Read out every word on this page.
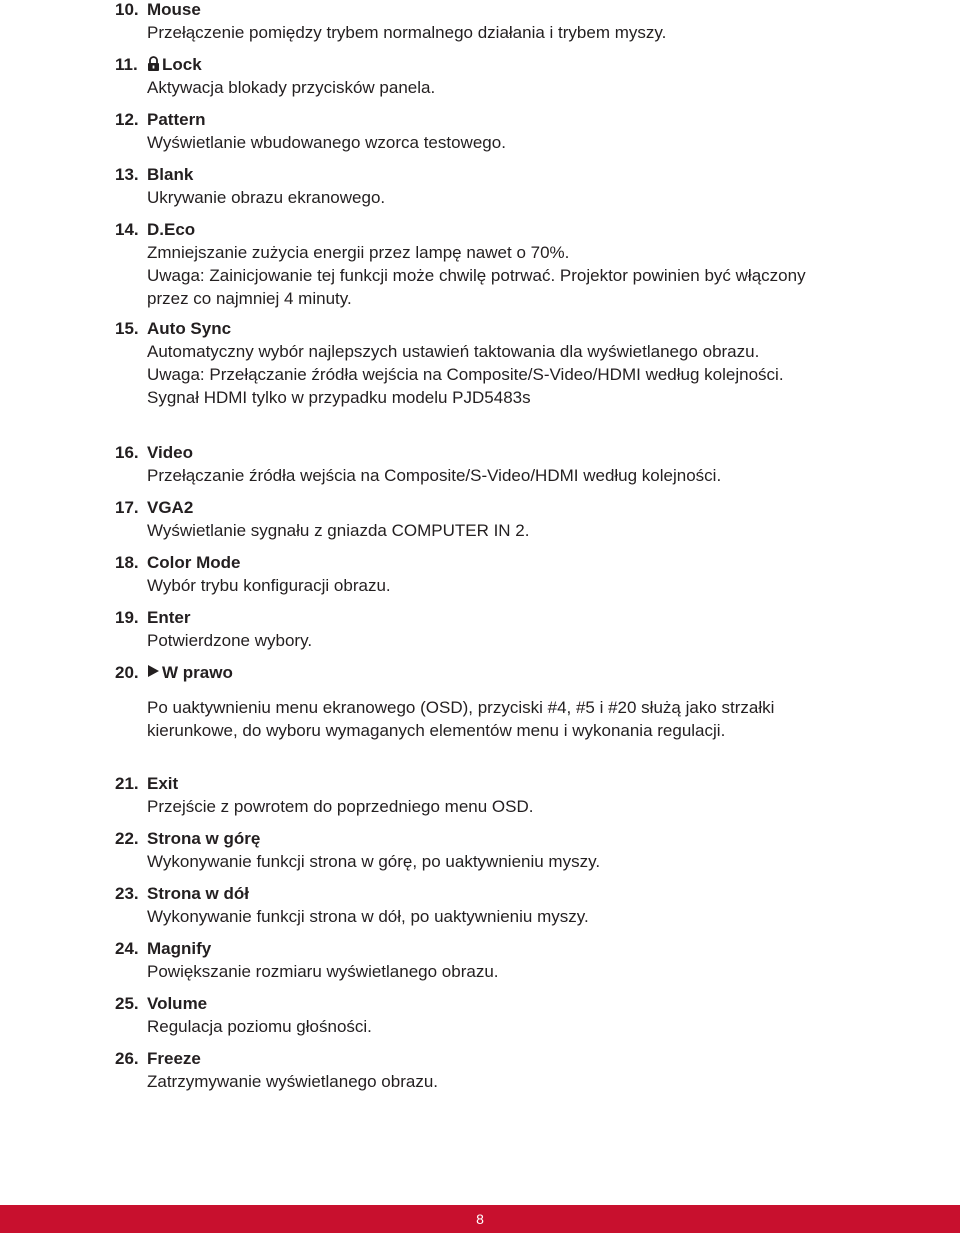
10. Mouse

Przełączenie pomiędzy trybem normalnego działania i trybem myszy.

11.	Lock

Aktywacja blokady przycisków panela.

12. Pattern

Wyświetlanie wbudowanego wzorca testowego.

13. Blank

Ukrywanie obrazu ekranowego.

14. D.Eco

Zmniejszanie zużycia energii przez lampę nawet o 70%.

Uwaga: Zainicjowanie tej funkcji może chwilę potrwać. Projektor powinien być włączony przez co najmniej 4 minuty.

15. Auto Sync

Automatyczny wybór najlepszych ustawień taktowania dla wyświetlanego obrazu.

Uwaga: Przełączanie źródła wejścia na Composite/S-Video/HDMI według kolejności.

Sygnał HDMI tylko w przypadku modelu PJD5483s

16. Video

Przełączanie źródła wejścia na Composite/S-Video/HDMI według kolejności.

17. VGA2

Wyświetlanie sygnału z gniazda COMPUTER IN 2.

18. Color Mode

Wybór trybu konfiguracji obrazu.

19. Enter

Potwierdzone wybory.

20.	W prawo

Po uaktywnieniu menu ekranowego (OSD), przyciski #4, #5 i #20 służą jako strzałki kierunkowe, do wyboru wymaganych elementów menu i wykonania regulacji.

21. Exit

Przejście z powrotem do poprzedniego menu OSD.

22. Strona w górę

Wykonywanie funkcji strona w górę, po uaktywnieniu myszy.

23. Strona w dół

Wykonywanie funkcji strona w dół, po uaktywnieniu myszy.

24. Magnify

Powiększanie rozmiaru wyświetlanego obrazu.

25. Volume

Regulacja poziomu głośności.

26. Freeze

Zatrzymywanie wyświetlanego obrazu.

8
